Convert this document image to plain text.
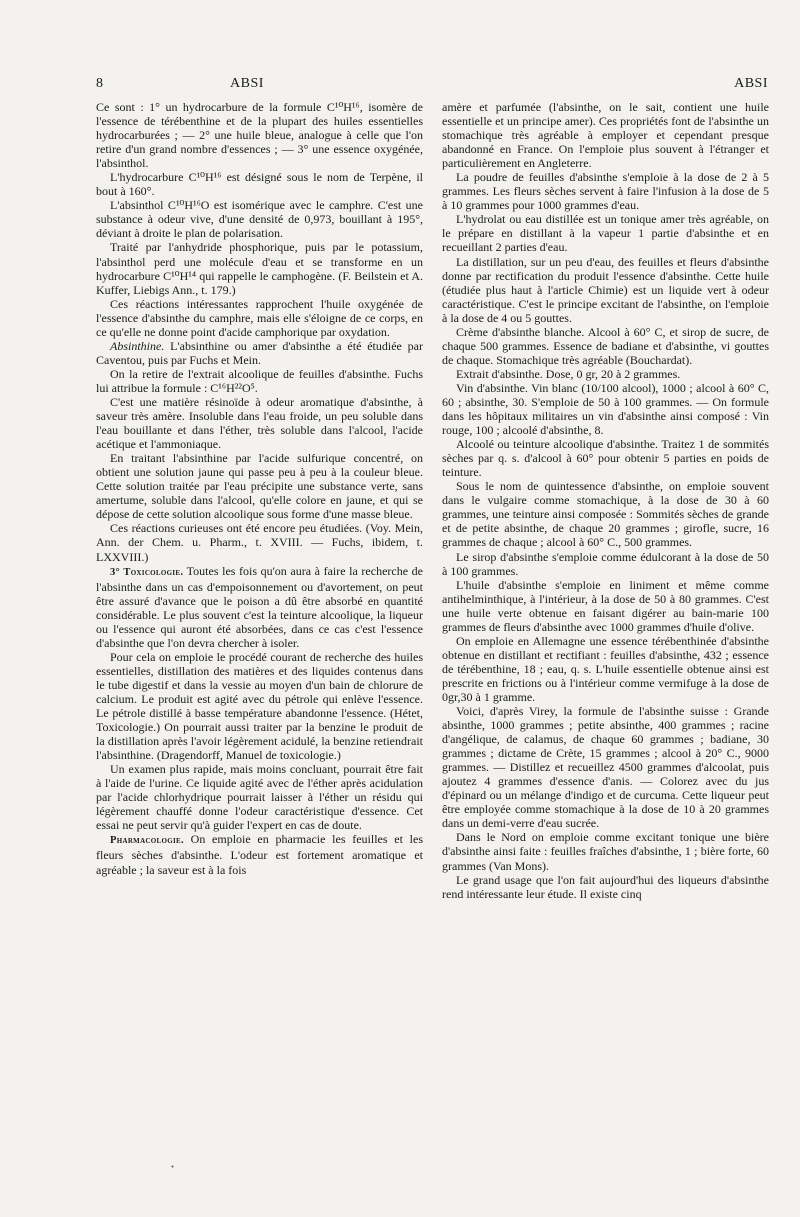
8	ABSI	ABSI

Ce sont : 1° un hydrocarbure de la formule C¹⁰H¹⁶, isomère de l'essence de térébenthine et de la plupart des huiles essentielles hydrocarburées ; — 2° une huile bleue, analogue à celle que l'on retire d'un grand nombre d'essences ; — 3° une essence oxygénée, l'absinthol.

L'hydrocarbure C¹⁰H¹⁶ est désigné sous le nom de Terpène, il bout à 160°.

L'absinthol C¹⁰H¹⁶O est isomérique avec le camphre. C'est une substance à odeur vive, d'une densité de 0,973, bouillant à 195°, déviant à droite le plan de polarisation.

Traité par l'anhydride phosphorique, puis par le potassium, l'absinthol perd une molécule d'eau et se transforme en un hydrocarbure C¹⁰H¹⁴ qui rappelle le camphogène. (F. Beilstein et A. Kuffer, Liebigs Ann., t. 179.)

Ces réactions intéressantes rapprochent l'huile oxygénée de l'essence d'absinthe du camphre, mais elle s'éloigne de ce corps, en ce qu'elle ne donne point d'acide camphorique par oxydation.

Absinthine. L'absinthine ou amer d'absinthe a été étudiée par Caventou, puis par Fuchs et Mein.

On la retire de l'extrait alcoolique de feuilles d'absinthe. Fuchs lui attribue la formule : C¹⁶H²²O⁵.

C'est une matière résinoïde à odeur aromatique d'absinthe, à saveur très amère. Insoluble dans l'eau froide, un peu soluble dans l'eau bouillante et dans l'éther, très soluble dans l'alcool, l'acide acétique et l'ammoniaque.

En traitant l'absinthine par l'acide sulfurique concentré, on obtient une solution jaune qui passe peu à peu à la couleur bleue. Cette solution traitée par l'eau précipite une substance verte, sans amertume, soluble dans l'alcool, qu'elle colore en jaune, et qui se dépose de cette solution alcoolique sous forme d'une masse bleue.

Ces réactions curieuses ont été encore peu étudiées. (Voy. Mein, Ann. der Chem. u. Pharm., t. XVIII. — Fuchs, ibidem, t. LXXVIII.)

3° Toxicologie. Toutes les fois qu'on aura à faire la recherche de l'absinthe dans un cas d'empoisonnement ou d'avortement, on peut être assuré d'avance que le poison a dû être absorbé en quantité considérable. Le plus souvent c'est la teinture alcoolique, la liqueur ou l'essence qui auront été absorbées, dans ce cas c'est l'essence d'absinthe que l'on devra chercher à isoler.

Pour cela on emploie le procédé courant de recherche des huiles essentielles, distillation des matières et des liquides contenus dans le tube digestif et dans la vessie au moyen d'un bain de chlorure de calcium. Le produit est agité avec du pétrole qui enlève l'essence. Le pétrole distillé à basse température abandonne l'essence. (Hétet, Toxicologie.) On pourrait aussi traiter par la benzine le produit de la distillation après l'avoir légèrement acidulé, la benzine retiendrait l'absinthine. (Dragendorff, Manuel de toxicologie.)

Un examen plus rapide, mais moins concluant, pourrait être fait à l'aide de l'urine. Ce liquide agité avec de l'éther après acidulation par l'acide chlorhydrique pourrait laisser à l'éther un résidu qui légèrement chauffé donne l'odeur caractéristique d'essence. Cet essai ne peut servir qu'à guider l'expert en cas de doute.

Pharmacologie. On emploie en pharmacie les feuilles et les fleurs sèches d'absinthe. L'odeur est fortement aromatique et agréable ; la saveur est à la fois

amère et parfumée (l'absinthe, on le sait, contient une huile essentielle et un principe amer). Ces propriétés font de l'absinthe un stomachique très agréable à employer et cependant presque abandonné en France. On l'emploie plus souvent à l'étranger et particulièrement en Angleterre.

La poudre de feuilles d'absinthe s'emploie à la dose de 2 à 5 grammes. Les fleurs sèches servent à faire l'infusion à la dose de 5 à 10 grammes pour 1000 grammes d'eau.

L'hydrolat ou eau distillée est un tonique amer très agréable, on le prépare en distillant à la vapeur 1 partie d'absinthe et en recueillant 2 parties d'eau.

La distillation, sur un peu d'eau, des feuilles et fleurs d'absinthe donne par rectification du produit l'essence d'absinthe. Cette huile (étudiée plus haut à l'article Chimie) est un liquide vert à odeur caractéristique. C'est le principe excitant de l'absinthe, on l'emploie à la dose de 4 ou 5 gouttes.

Crème d'absinthe blanche. Alcool à 60° C, et sirop de sucre, de chaque 500 grammes. Essence de badiane et d'absinthe, vi gouttes de chaque. Stomachique très agréable (Bouchardat).

Extrait d'absinthe. Dose, 0 gr, 20 à 2 grammes.

Vin d'absinthe. Vin blanc (10/100 alcool), 1000 ; alcool à 60° C, 60 ; absinthe, 30. S'emploie de 50 à 100 grammes. — On formule dans les hôpitaux militaires un vin d'absinthe ainsi composé : Vin rouge, 100 ; alcoolé d'absinthe, 8.

Alcoolé ou teinture alcoolique d'absinthe. Traitez 1 de sommités sèches par q. s. d'alcool à 60° pour obtenir 5 parties en poids de teinture.

Sous le nom de quintessence d'absinthe, on emploie souvent dans le vulgaire comme stomachique, à la dose de 30 à 60 grammes, une teinture ainsi composée : Sommités sèches de grande et de petite absinthe, de chaque 20 grammes ; girofle, sucre, 16 grammes de chaque ; alcool à 60° C., 500 grammes.

Le sirop d'absinthe s'emploie comme édulcorant à la dose de 50 à 100 grammes.

L'huile d'absinthe s'emploie en liniment et même comme antihelminthique, à l'intérieur, à la dose de 50 à 80 grammes. C'est une huile verte obtenue en faisant digérer au bain-marie 100 grammes de fleurs d'absinthe avec 1000 grammes d'huile d'olive.

On emploie en Allemagne une essence térébenthinée d'absinthe obtenue en distillant et rectifiant : feuilles d'absinthe, 432 ; essence de térébenthine, 18 ; eau, q. s. L'huile essentielle obtenue ainsi est prescrite en frictions ou à l'intérieur comme vermifuge à la dose de 0gr,30 à 1 gramme.

Voici, d'après Virey, la formule de l'absinthe suisse : Grande absinthe, 1000 grammes ; petite absinthe, 400 grammes ; racine d'angélique, de calamus, de chaque 60 grammes ; badiane, 30 grammes ; dictame de Crète, 15 grammes ; alcool à 20° C., 9000 grammes. — Distillez et recueillez 4500 grammes d'alcoolat, puis ajoutez 4 grammes d'essence d'anis. — Colorez avec du jus d'épinard ou un mélange d'indigo et de curcuma. Cette liqueur peut être employée comme stomachique à la dose de 10 à 20 grammes dans un demi-verre d'eau sucrée.

Dans le Nord on emploie comme excitant tonique une bière d'absinthe ainsi faite : feuilles fraîches d'absinthe, 1 ; bière forte, 60 grammes (Van Mons).

Le grand usage que l'on fait aujourd'hui des liqueurs d'absinthe rend intéressante leur étude. Il existe cinq
